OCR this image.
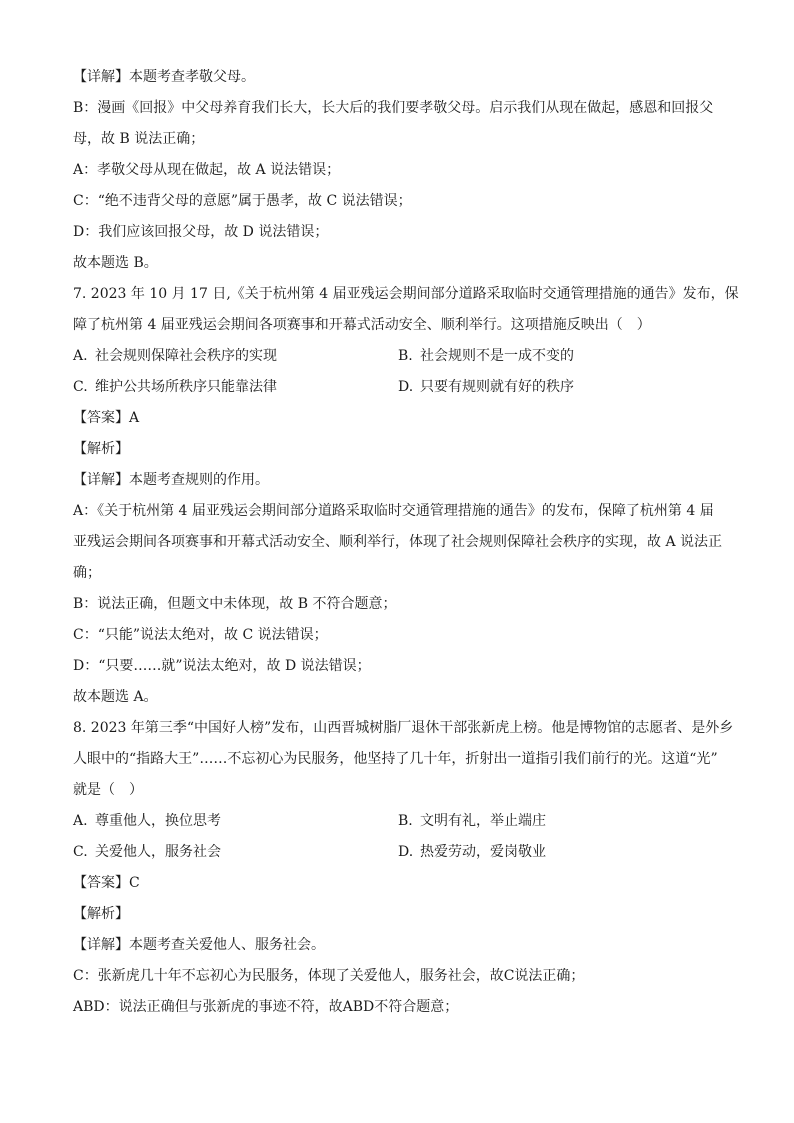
【详解】本题考查孝敬父母。
B：漫画《回报》中父母养育我们长大，长大后的我们要孝敬父母。启示我们从现在做起，感恩和回报父
母，故 B 说法正确；
A：孝敬父母从现在做起，故 A 说法错误；
C：“绝不违背父母的意愿”属于愚孝，故 C 说法错误；
D：我们应该回报父母，故 D 说法错误；
故本题选 B。
7. 2023 年 10 月 17 日,《关于杭州第 4 届亚残运会期间部分道路采取临时交通管理措施的通告》发布，保
障了杭州第 4 届亚残运会期间各项赛事和开幕式活动安全、顺利举行。这项措施反映出（　）
A. 社会规则保障社会秩序的实现	B. 社会规则不是一成不变的
C. 维护公共场所秩序只能靠法律	D. 只要有规则就有好的秩序
【答案】A
【解析】
【详解】本题考查规则的作用。
A：《关于杭州第 4 届亚残运会期间部分道路采取临时交通管理措施的通告》的发布，保障了杭州第 4 届
亚残运会期间各项赛事和开幕式活动安全、顺利举行，体现了社会规则保障社会秩序的实现，故 A 说法正
确；
B：说法正确，但题文中未体现，故 B 不符合题意；
C：“只能”说法太绝对，故 C 说法错误；
D：“只要……就”说法太绝对，故 D 说法错误；
故本题选 A。
8. 2023 年第三季“中国好人榜”发布，山西晋城树脂厂退休干部张新虎上榜。他是博物馆的志愿者、是外乡
人眼中的“指路大王”……不忘初心为民服务，他坚持了几十年，折射出一道指引我们前行的光。这道“光”
就是（　）
A. 尊重他人，换位思考	B. 文明有礼，举止端庄
C. 关爱他人，服务社会	D. 热爱劳动，爱岗敬业
【答案】C
【解析】
【详解】本题考查关爱他人、服务社会。
C：张新虎几十年不忘初心为民服务，体现了关爱他人，服务社会，故C说法正确；
ABD：说法正确但与张新虎的事迹不符，故ABD不符合题意；
